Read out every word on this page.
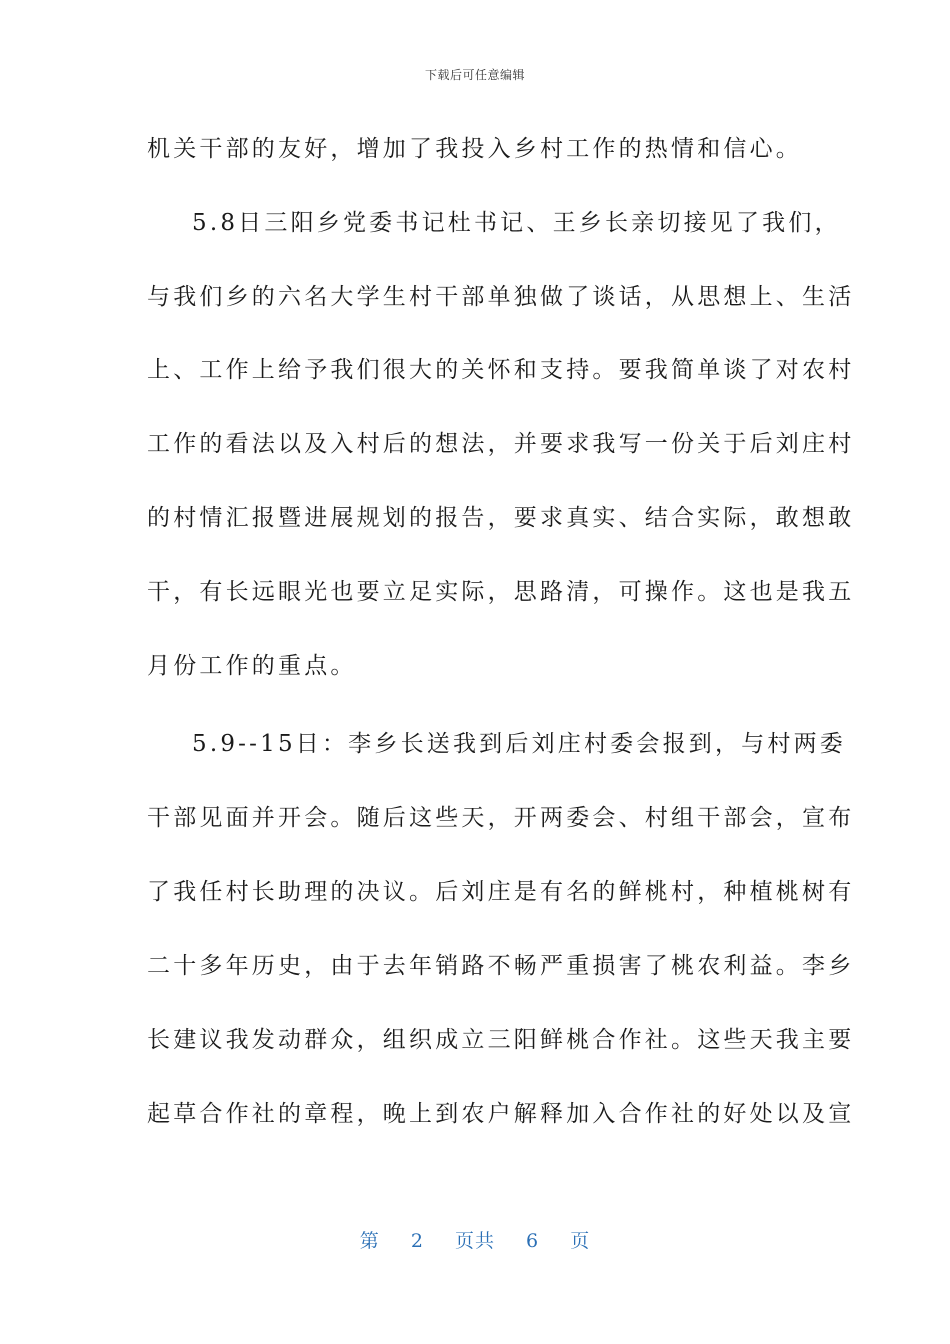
下载后可任意编辑
机关干部的友好，增加了我投入乡村工作的热情和信心。
5.8日三阳乡党委书记杜书记、王乡长亲切接见了我们，
与我们乡的六名大学生村干部单独做了谈话，从思想上、生活
上、工作上给予我们很大的关怀和支持。要我简单谈了对农村
工作的看法以及入村后的想法，并要求我写一份关于后刘庄村
的村情汇报暨进展规划的报告，要求真实、结合实际，敢想敢
干，有长远眼光也要立足实际，思路清，可操作。这也是我五
月份工作的重点。
5.9--15日：李乡长送我到后刘庄村委会报到，与村两委
干部见面并开会。随后这些天，开两委会、村组干部会，宣布
了我任村长助理的决议。后刘庄是有名的鲜桃村，种植桃树有
二十多年历史，由于去年销路不畅严重损害了桃农利益。李乡
长建议我发动群众，组织成立三阳鲜桃合作社。这些天我主要
起草合作社的章程，晚上到农户解释加入合作社的好处以及宣
第 2 页共 6 页
